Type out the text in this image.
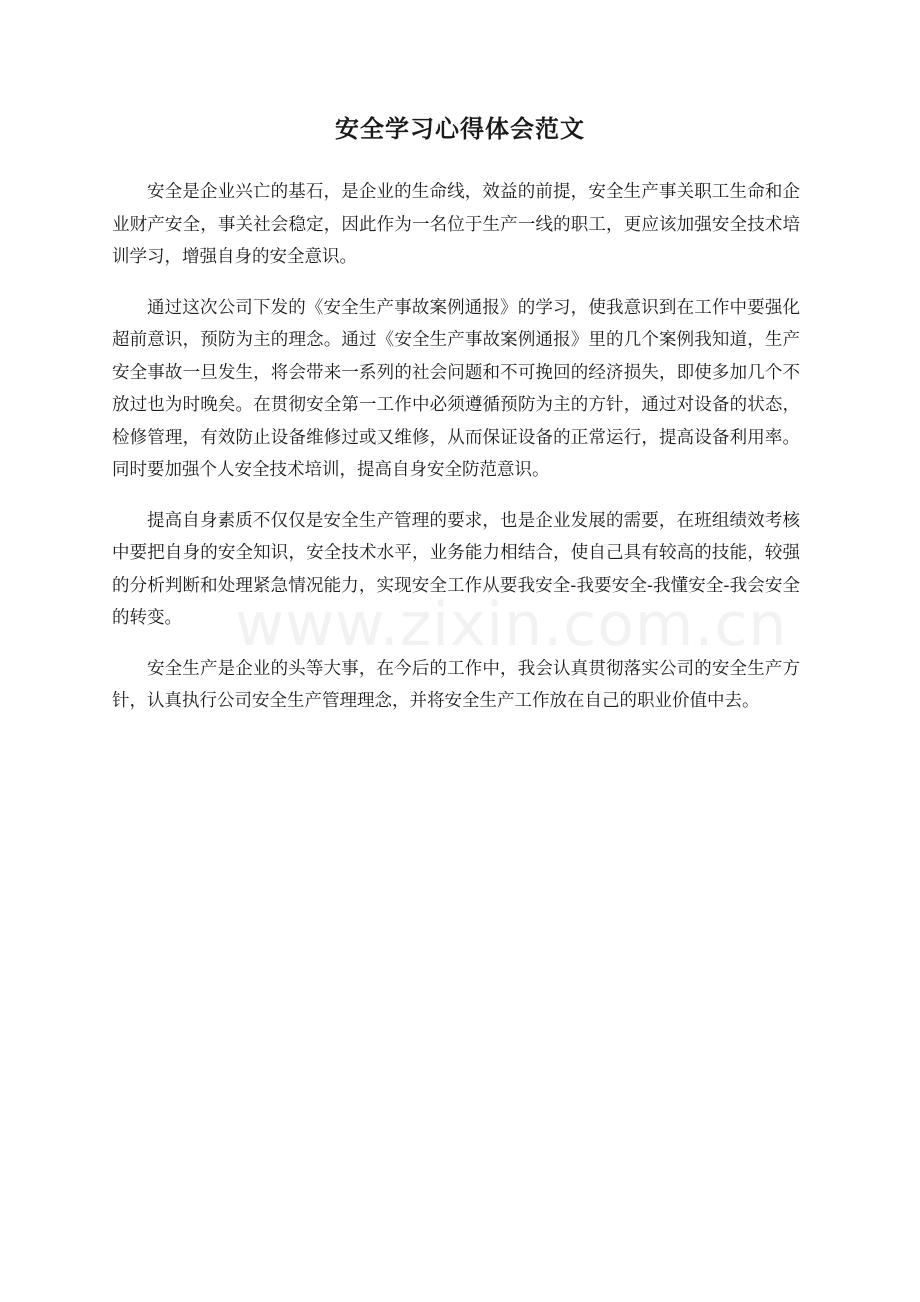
安全学习心得体会范文

安全是企业兴亡的基石，是企业的生命线，效益的前提，安全生产事关职工生命和企业财产安全，事关社会稳定，因此作为一名位于生产一线的职工，更应该加强安全技术培训学习，增强自身的安全意识。

通过这次公司下发的《安全生产事故案例通报》的学习，使我意识到在工作中要强化超前意识，预防为主的理念。通过《安全生产事故案例通报》里的几个案例我知道，生产安全事故一旦发生，将会带来一系列的社会问题和不可挽回的经济损失，即使多加几个不放过也为时晚矣。在贯彻安全第一工作中必须遵循预防为主的方针，通过对设备的状态，检修管理，有效防止设备维修过或又维修，从而保证设备的正常运行，提高设备利用率。同时要加强个人安全技术培训，提高自身安全防范意识。

提高自身素质不仅仅是安全生产管理的要求，也是企业发展的需要，在班组绩效考核中要把自身的安全知识，安全技术水平，业务能力相结合，使自己具有较高的技能，较强的分析判断和处理紧急情况能力，实现安全工作从要我安全-我要安全-我懂安全-我会安全的转变。

安全生产是企业的头等大事，在今后的工作中，我会认真贯彻落实公司的安全生产方针，认真执行公司安全生产管理理念，并将安全生产工作放在自己的职业价值中去。

www.zixin.com.cn
